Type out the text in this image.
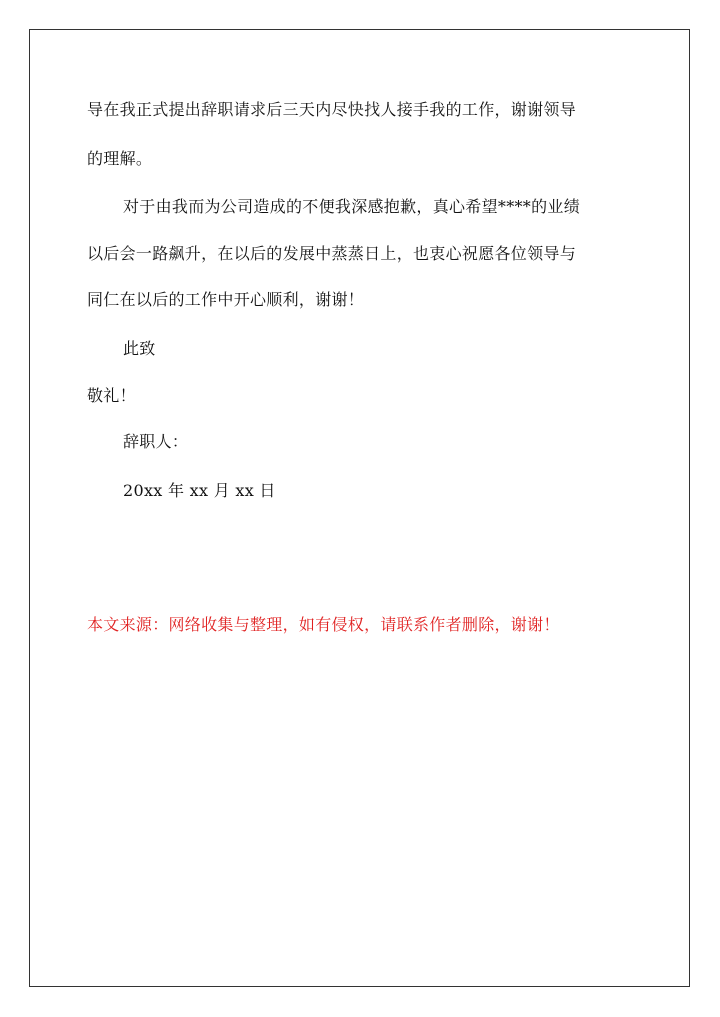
导在我正式提出辞职请求后三天内尽快找人接手我的工作，谢谢领导
的理解。
对于由我而为公司造成的不便我深感抱歉，真心希望****的业绩
以后会一路飙升，在以后的发展中蒸蒸日上，也衷心祝愿各位领导与
同仁在以后的工作中开心顺利，谢谢！
此致
敬礼！
辞职人：
20xx 年 xx 月 xx 日
本文来源：网络收集与整理，如有侵权，请联系作者删除，谢谢！
